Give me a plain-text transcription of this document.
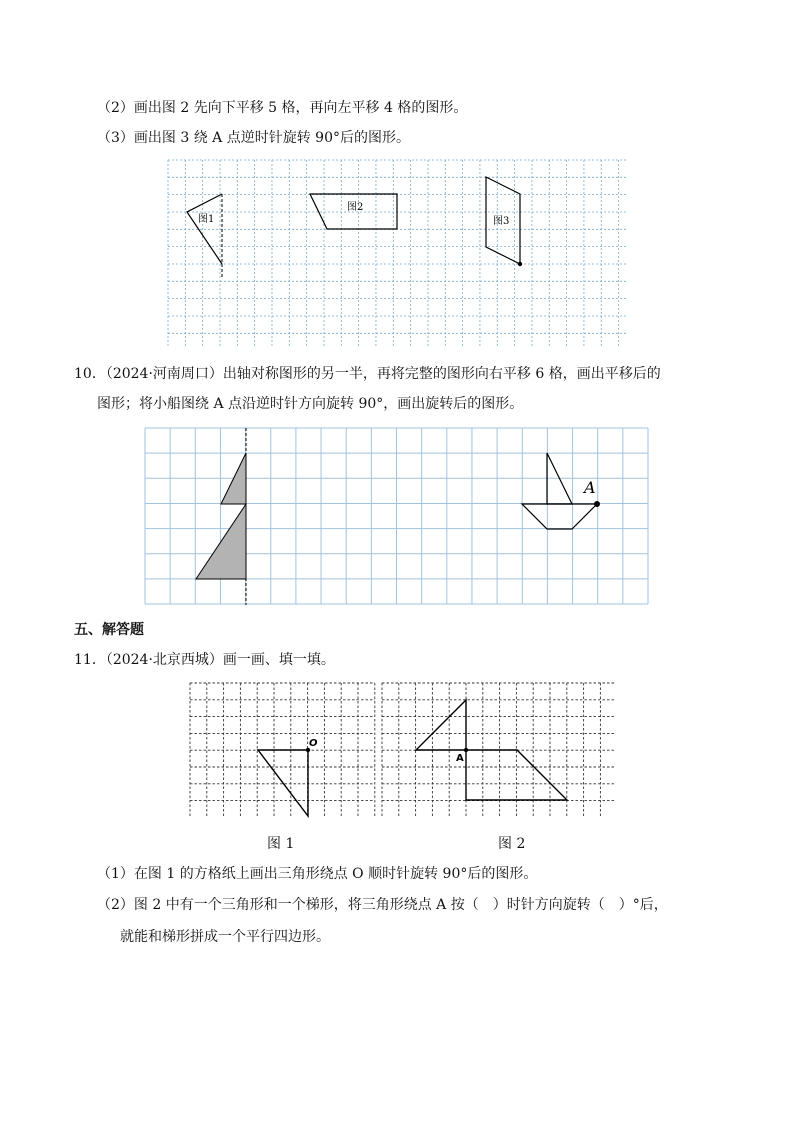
（2）画出图 2 先向下平移 5 格，再向左平移 4 格的图形。
（3）画出图 3 绕 A 点逆时针旋转 90°后的图形。
图1
图2
图3
10．（2024·河南周口）出轴对称图形的另一半，再将完整的图形向右平移 6 格，画出平移后的
图形；将小船图绕 A 点沿逆时针方向旋转 90°，画出旋转后的图形。
A
五、解答题
11．（2024·北京西城）画一画、填一填。
O
A
图 1	图 2
（1）在图 1 的方格纸上画出三角形绕点 O 顺时针旋转 90°后的图形。
（2）图 2 中有一个三角形和一个梯形，将三角形绕点 A 按（　）时针方向旋转（　）°后，
就能和梯形拼成一个平行四边形。
